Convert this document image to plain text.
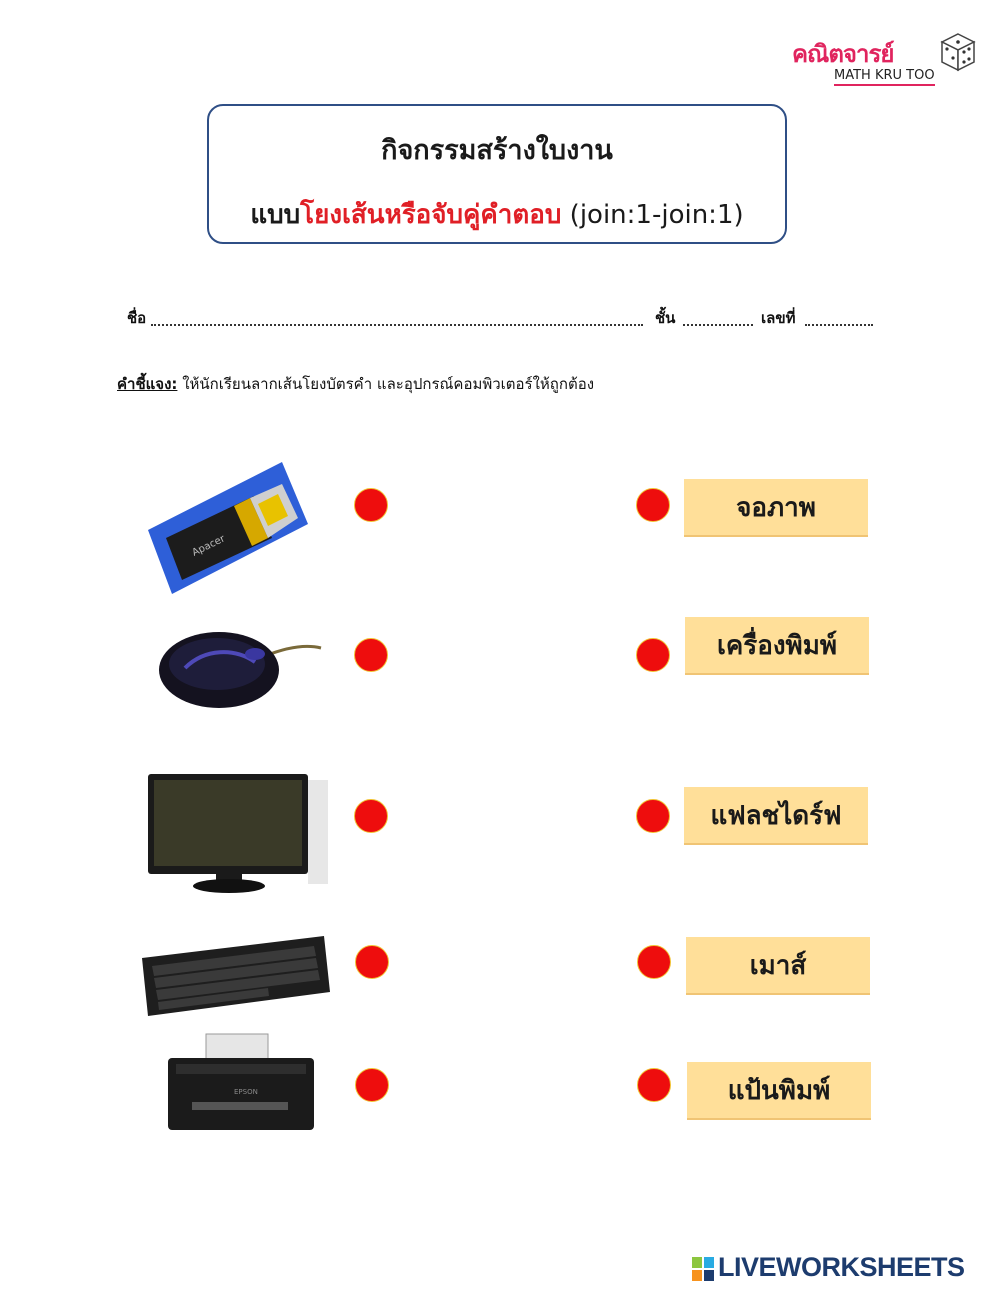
คณิตจารย์
MATH KRU TOO
กิจกรรมสร้างใบงาน
แบบโยงเส้นหรือจับคู่คำตอบ (join:1-join:1)
ชื่อ	ชั้น	เลขที่
คำชี้แจง: ให้นักเรียนลากเส้นโยงบัตรคำ และอุปกรณ์คอมพิวเตอร์ให้ถูกต้อง
Apacer
EPSON
จอภาพ
เครื่องพิมพ์
แฟลชไดร์ฟ
เมาส์
แป้นพิมพ์
LIVEWORKSHEETS
